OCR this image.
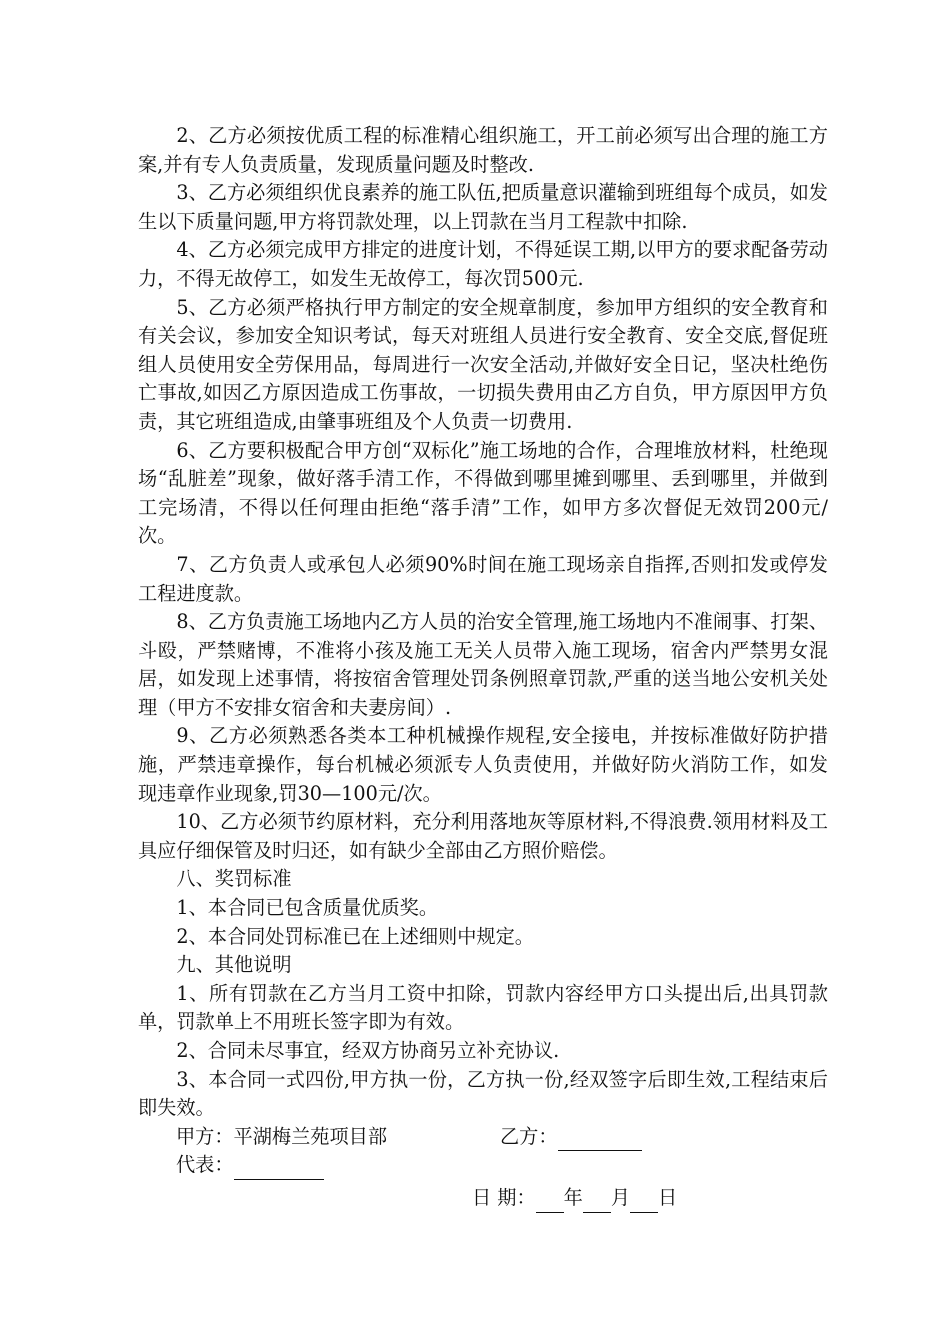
2、乙方必须按优质工程的标准精心组织施工，开工前必须写出合理的施工方案,并有专人负责质量，发现质量问题及时整改.

3、乙方必须组织优良素养的施工队伍,把质量意识灌输到班组每个成员，如发生以下质量问题,甲方将罚款处理，以上罚款在当月工程款中扣除.

4、乙方必须完成甲方排定的进度计划，不得延误工期,以甲方的要求配备劳动力，不得无故停工，如发生无故停工，每次罚500元.

5、乙方必须严格执行甲方制定的安全规章制度，参加甲方组织的安全教育和有关会议，参加安全知识考试，每天对班组人员进行安全教育、安全交底,督促班组人员使用安全劳保用品，每周进行一次安全活动,并做好安全日记，坚决杜绝伤亡事故,如因乙方原因造成工伤事故，一切损失费用由乙方自负，甲方原因甲方负责，其它班组造成,由肇事班组及个人负责一切费用.

6、乙方要积极配合甲方创“双标化”施工场地的合作，合理堆放材料，杜绝现场“乱脏差”现象，做好落手清工作，不得做到哪里摊到哪里、丢到哪里，并做到工完场清，不得以任何理由拒绝“落手清”工作，如甲方多次督促无效罚200元/次。

7、乙方负责人或承包人必须90%时间在施工现场亲自指挥,否则扣发或停发工程进度款。

8、乙方负责施工场地内乙方人员的治安全管理,施工场地内不准闹事、打架、斗殴，严禁赌博，不准将小孩及施工无关人员带入施工现场，宿舍内严禁男女混居，如发现上述事情，将按宿舍管理处罚条例照章罚款,严重的送当地公安机关处理（甲方不安排女宿舍和夫妻房间）.

9、乙方必须熟悉各类本工种机械操作规程,安全接电，并按标准做好防护措施，严禁违章操作，每台机械必须派专人负责使用，并做好防火消防工作，如发现违章作业现象,罚30—100元/次。

10、乙方必须节约原材料，充分利用落地灰等原材料,不得浪费.领用材料及工具应仔细保管及时归还，如有缺少全部由乙方照价赔偿。

八、奖罚标准

1、本合同已包含质量优质奖。

2、本合同处罚标准已在上述细则中规定。

九、其他说明

1、所有罚款在乙方当月工资中扣除，罚款内容经甲方口头提出后,出具罚款单，罚款单上不用班长签字即为有效。

2、合同未尽事宜，经双方协商另立补充协议.

3、本合同一式四份,甲方执一份，乙方执一份,经双签字后即生效,工程结束后即失效。

甲方：平湖梅兰苑项目部	乙方：
代表：
日 期： 年 月 日
